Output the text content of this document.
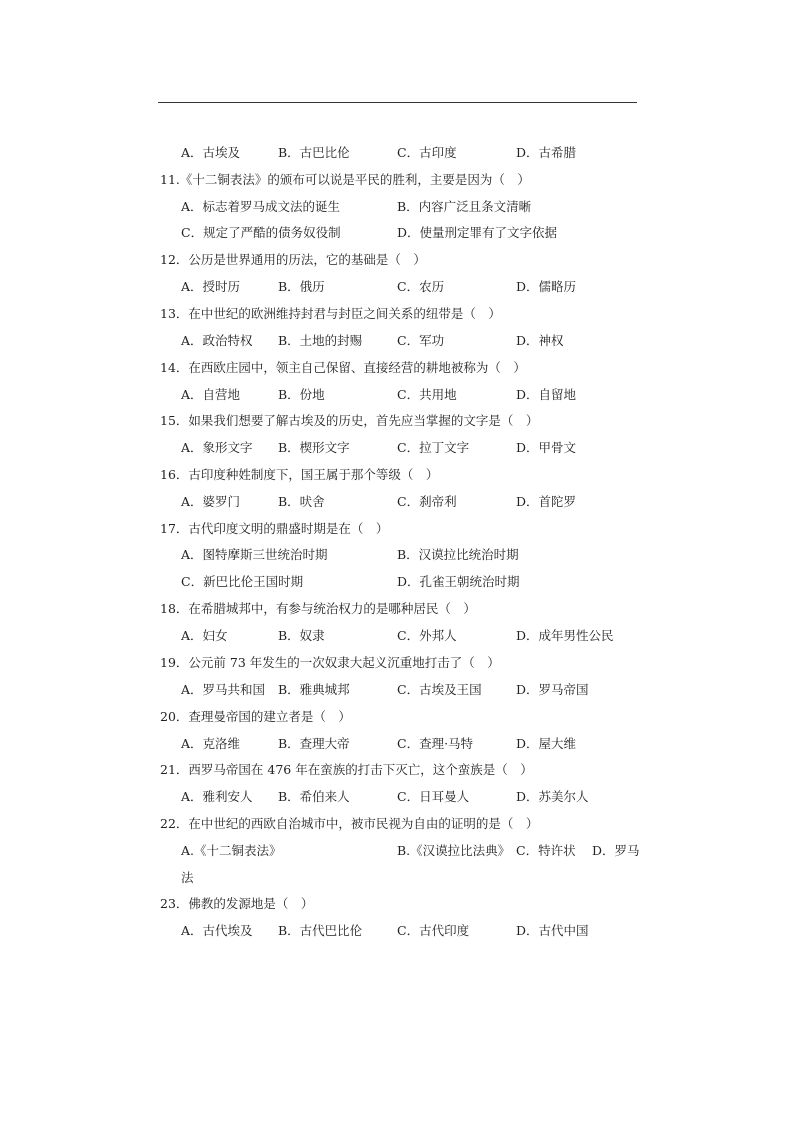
A．古埃及	B．古巴比伦	C．古印度	D．古希腊
11.《十二铜表法》的颁布可以说是平民的胜利，主要是因为（　）
A．标志着罗马成文法的诞生	B．内容广泛且条文清晰
C．规定了严酷的债务奴役制	D．使量刑定罪有了文字依据
12．公历是世界通用的历法，它的基础是（　）
A．授时历	B．俄历	C．农历	D．儒略历
13．在中世纪的欧洲维持封君与封臣之间关系的纽带是（　）
A．政治特权 B．土地的封赐	C．军功	D．神权
14．在西欧庄园中，领主自己保留、直接经营的耕地被称为（　）
A．自营地	B．份地	C．共用地	D．自留地
15．如果我们想要了解古埃及的历史，首先应当掌握的文字是（　）
A．象形文字 B．楔形文字	C．拉丁文字	D．甲骨文
16．古印度种姓制度下，国王属于那个等级（　）
A．婆罗门	B．吠舍	C．刹帝利	D．首陀罗
17．古代印度文明的鼎盛时期是在（　）
A．图特摩斯三世统治时期	B．汉谟拉比统治时期
C．新巴比伦王国时期	D．孔雀王朝统治时期
18．在希腊城邦中，有参与统治权力的是哪种居民（　）
A．妇女	B．奴隶	C．外邦人	D．成年男性公民
19．公元前 73 年发生的一次奴隶大起义沉重地打击了（　）
A．罗马共和国 B．雅典城邦	C．古埃及王国	D．罗马帝国
20．查理曼帝国的建立者是（　）
A．克洛维	B．查理大帝	C．查理·马特	D．屋大维
21．西罗马帝国在 476 年在蛮族的打击下灭亡，这个蛮族是（　）
A．雅利安人 B．希伯来人	C．日耳曼人	D．苏美尔人
22．在中世纪的西欧自治城市中，被市民视为自由的证明的是（　）
A.《十二铜表法》	B.《汉谟拉比法典》 C．特许状 D．罗马
法
23．佛教的发源地是（　）
A．古代埃及 B．古代巴比伦	C．古代印度	D．古代中国
